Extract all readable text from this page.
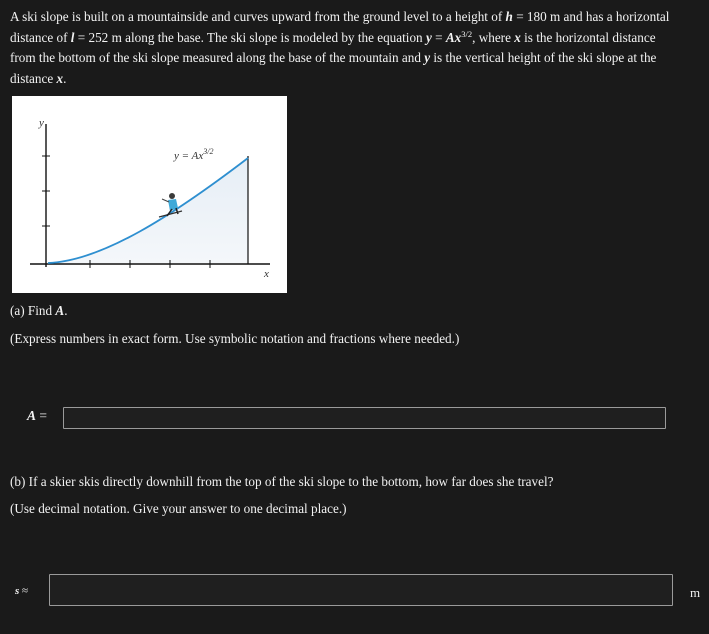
A ski slope is built on a mountainside and curves upward from the ground level to a height of h = 180 m and has a horizontal
distance of l = 252 m along the base. The ski slope is modeled by the equation $y = Ax^{3/2}$, where x is the horizontal distance
from the bottom of the ski slope measured along the base of the mountain and y is the vertical height of the ski slope at the
distance x.
y
x
$y = Ax^{3/2}$
(a) Find A.
(Express numbers in exact form. Use symbolic notation and fractions where needed.)
A =
(b) If a skier skis directly downhill from the top of the ski slope to the bottom, how far does she travel?
(Use decimal notation. Give your answer to one decimal place.)
s ≈	m
